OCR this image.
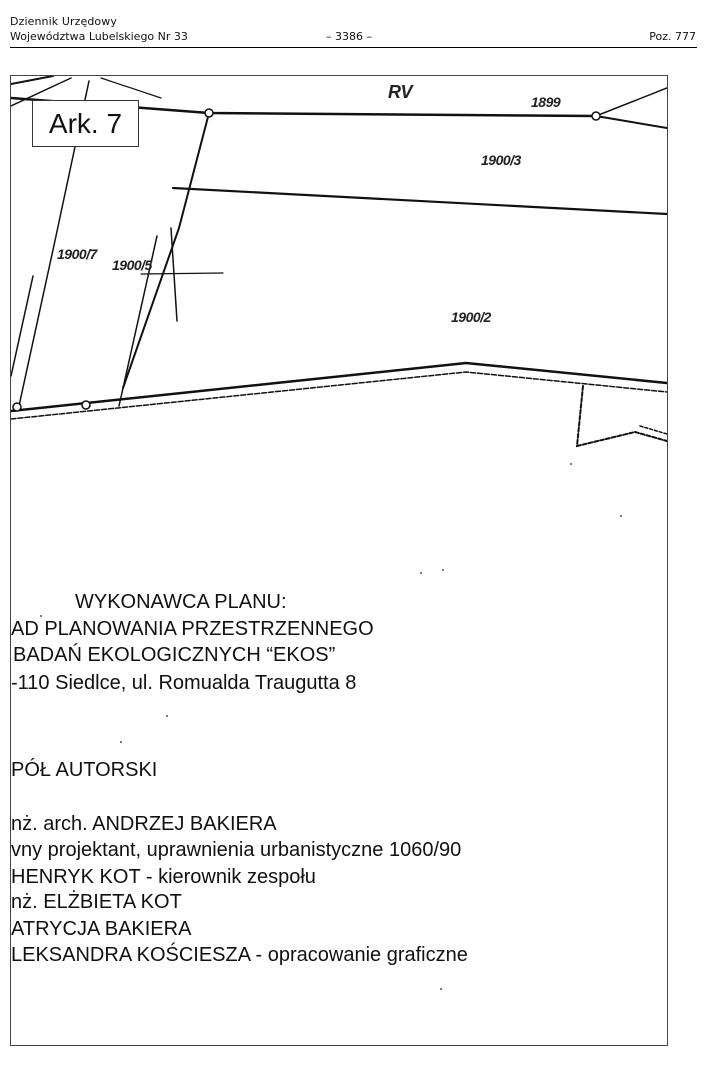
Dziennik Urzędowy
Województwa Lubelskiego Nr 33	– 3386 –	Poz. 777
Ark. 7
RV	1899
1900/3
1900/7
1900/5
1900/2
WYKONAWCA PLANU:
AD PLANOWANIA PRZESTRZENNEGO
BADAŃ EKOLOGICZNYCH “EKOS”
-110 Siedlce, ul. Romualda Traugutta 8
PÓŁ AUTORSKI
nż. arch. ANDRZEJ BAKIERA
vny projektant, uprawnienia urbanistyczne 1060/90
HENRYK KOT - kierownik zespołu
nż. ELŻBIETA KOT
ATRYCJA BAKIERA
LEKSANDRA KOŚCIESZA - opracowanie graficzne
